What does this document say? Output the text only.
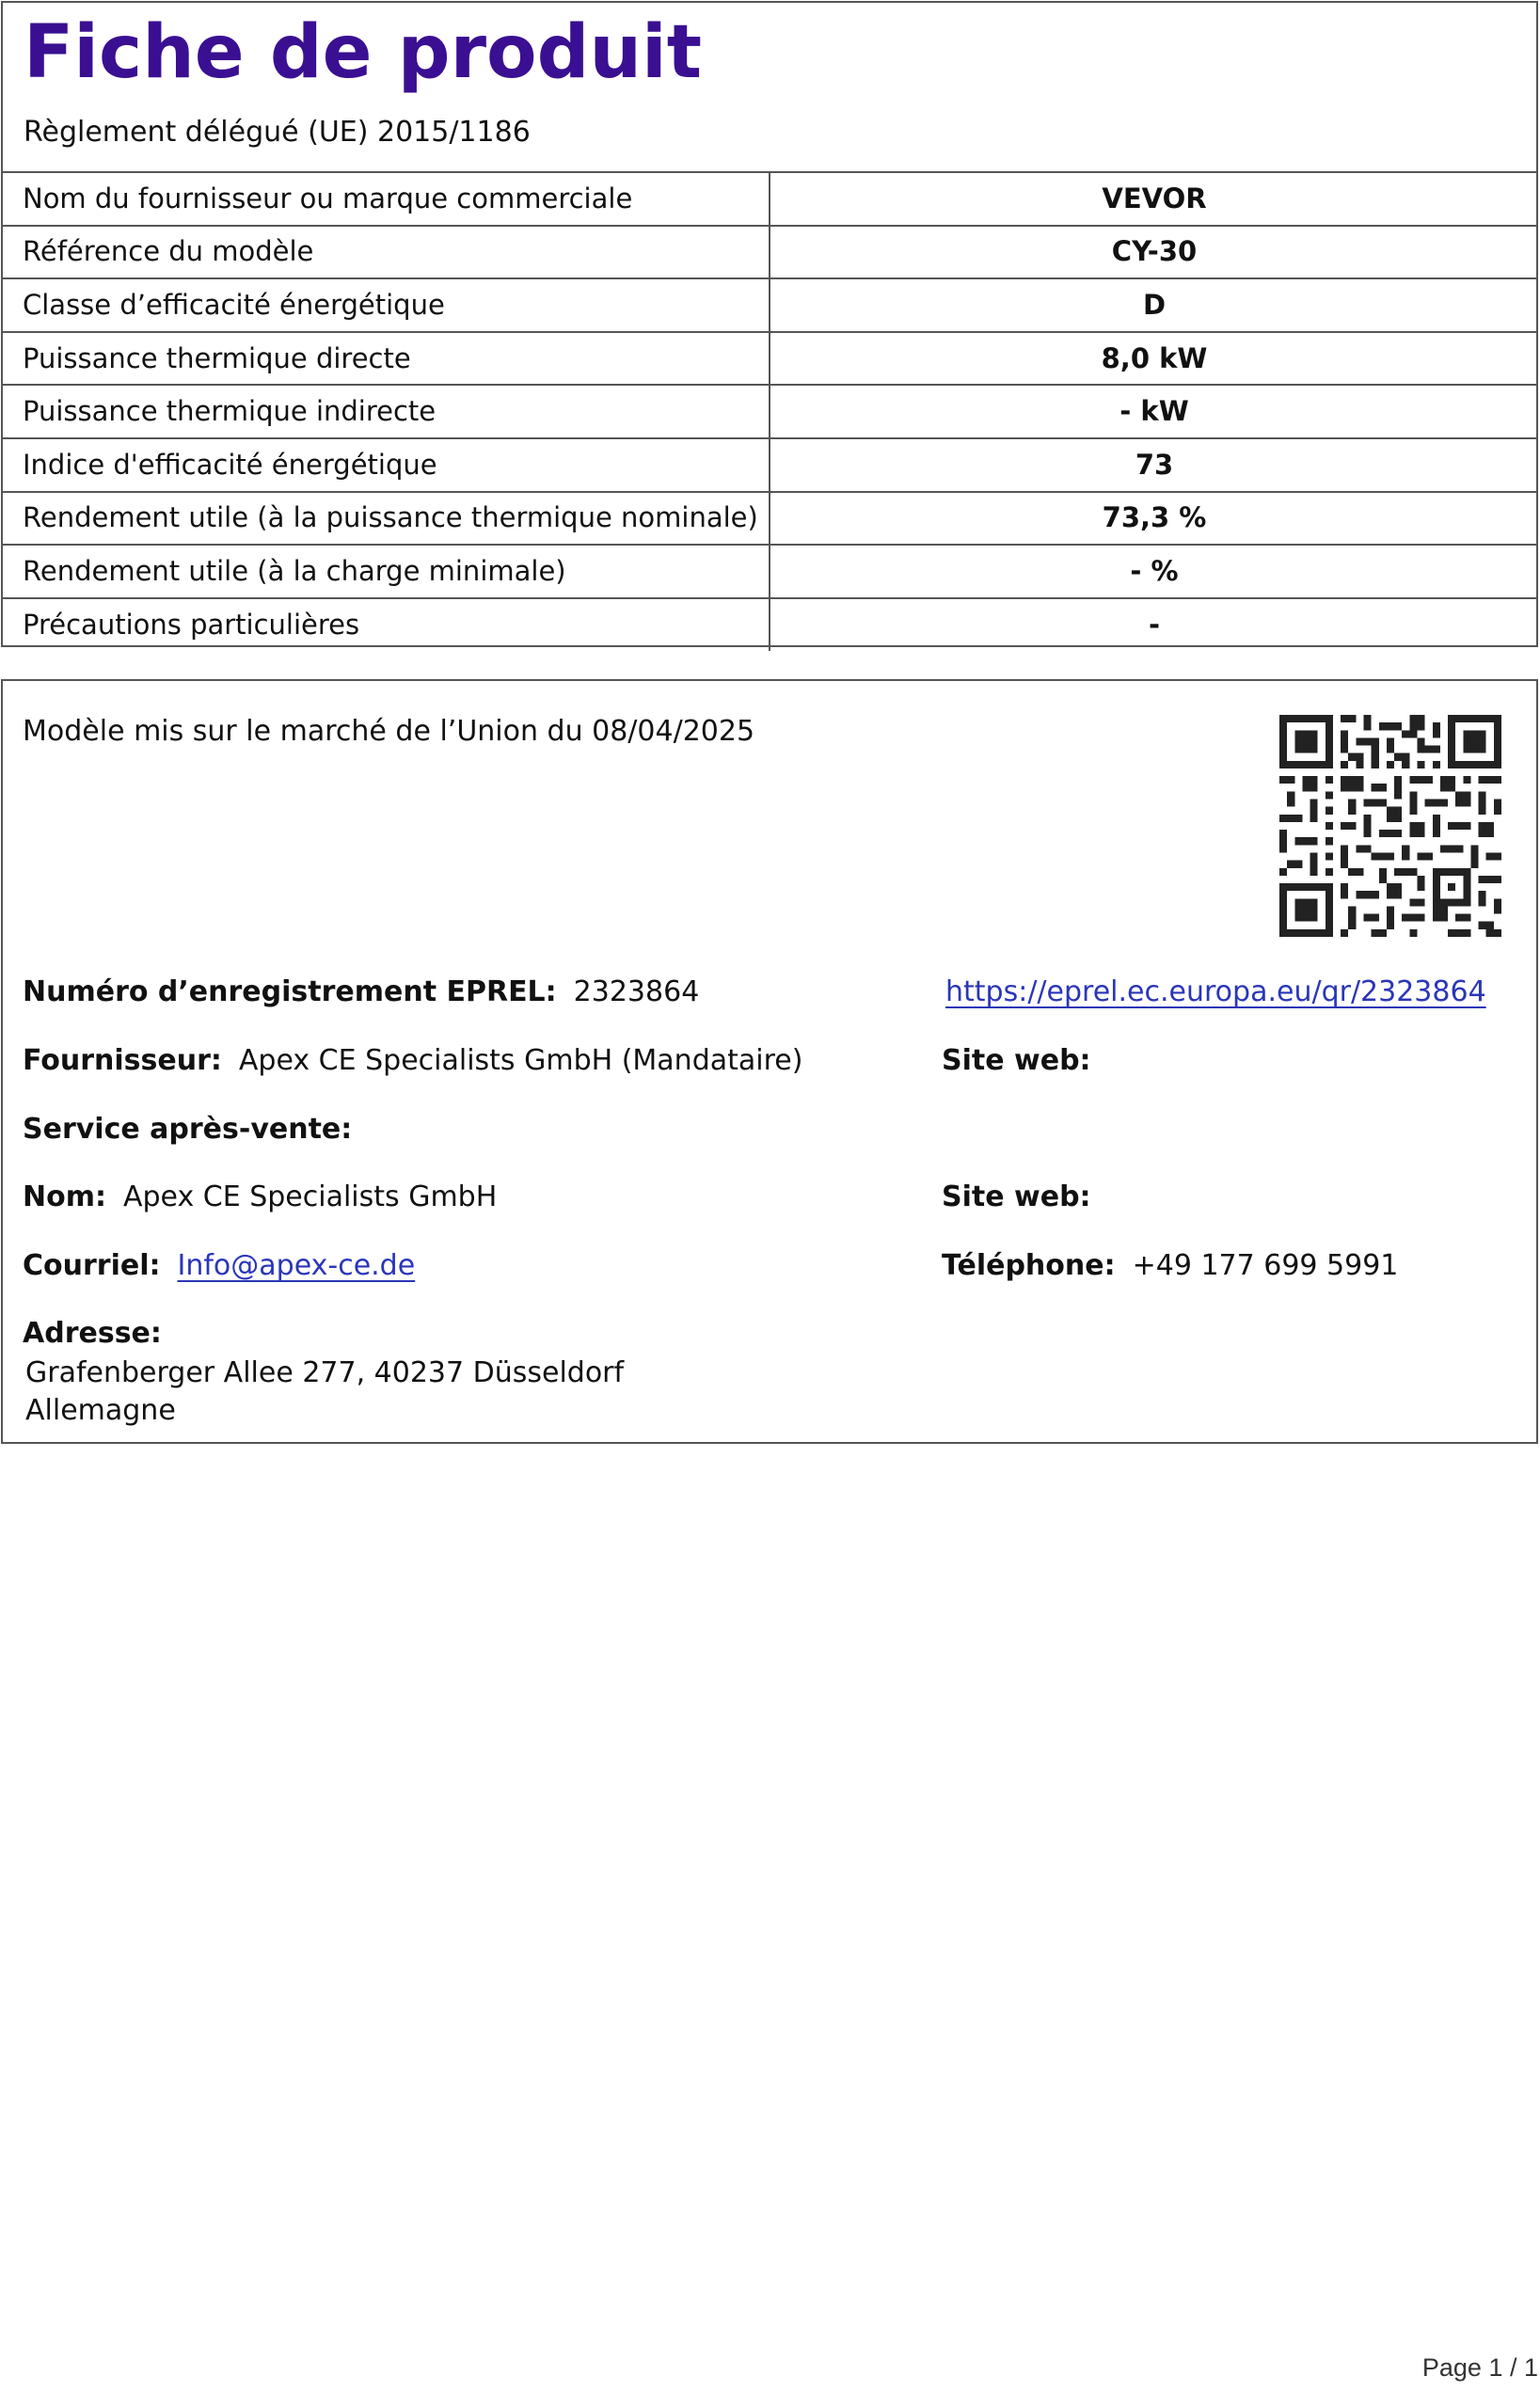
Fiche de produit
Règlement délégué (UE) 2015/1186
Nom du fournisseur ou marque commerciale	VEVOR
Référence du modèle	CY-30
Classe d’efficacité énergétique	D
Puissance thermique directe	8,0 kW
Puissance thermique indirecte	- kW
Indice d'efficacité énergétique	73
Rendement utile (à la puissance thermique nominale)	73,3 %
Rendement utile (à la charge minimale)	- %
Précautions particulières	-
Modèle mis sur le marché de l’Union du 08/04/2025
Numéro d’enregistrement EPREL: 2323864	https://eprel.ec.europa.eu/qr/2323864
Fournisseur: Apex CE Specialists GmbH (Mandataire)	Site web:
Service après-vente:
Nom: Apex CE Specialists GmbH	Site web:
Courriel: Info@apex-ce.de	Téléphone: +49 177 699 5991
Adresse:
Grafenberger Allee 277, 40237 Düsseldorf
Allemagne
Page 1 / 1
